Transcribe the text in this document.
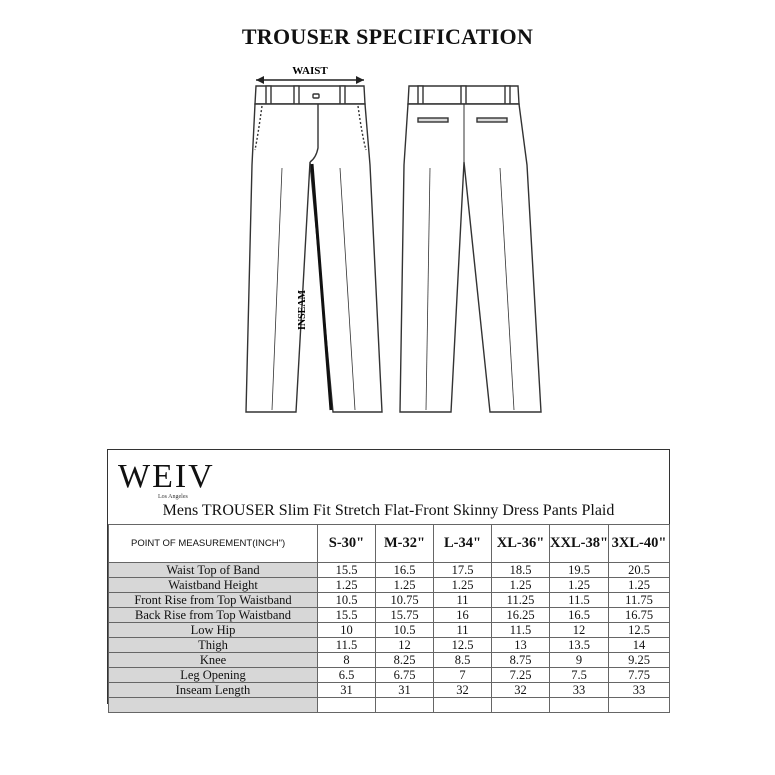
TROUSER SPECIFICATION
WAIST
INSEAM
WEIV
Los Angeles
Mens TROUSER Slim Fit Stretch Flat-Front Skinny Dress Pants Plaid
POINT OF MEASUREMENT(INCH")	S-30"	M-32"	L-34"	XL-36"	XXL-38"	3XL-40"
Waist Top of Band	15.5	16.5	17.5	18.5	19.5	20.5
Waistband Height	1.25	1.25	1.25	1.25	1.25	1.25
Front Rise from Top Waistband	10.5	10.75	11	11.25	11.5	11.75
Back Rise from Top Waistband	15.5	15.75	16	16.25	16.5	16.75
Low Hip	10	10.5	11	11.5	12	12.5
Thigh	11.5	12	12.5	13	13.5	14
Knee	8	8.25	8.5	8.75	9	9.25
Leg Opening	6.5	6.75	7	7.25	7.5	7.75
Inseam Length	31	31	32	32	33	33
